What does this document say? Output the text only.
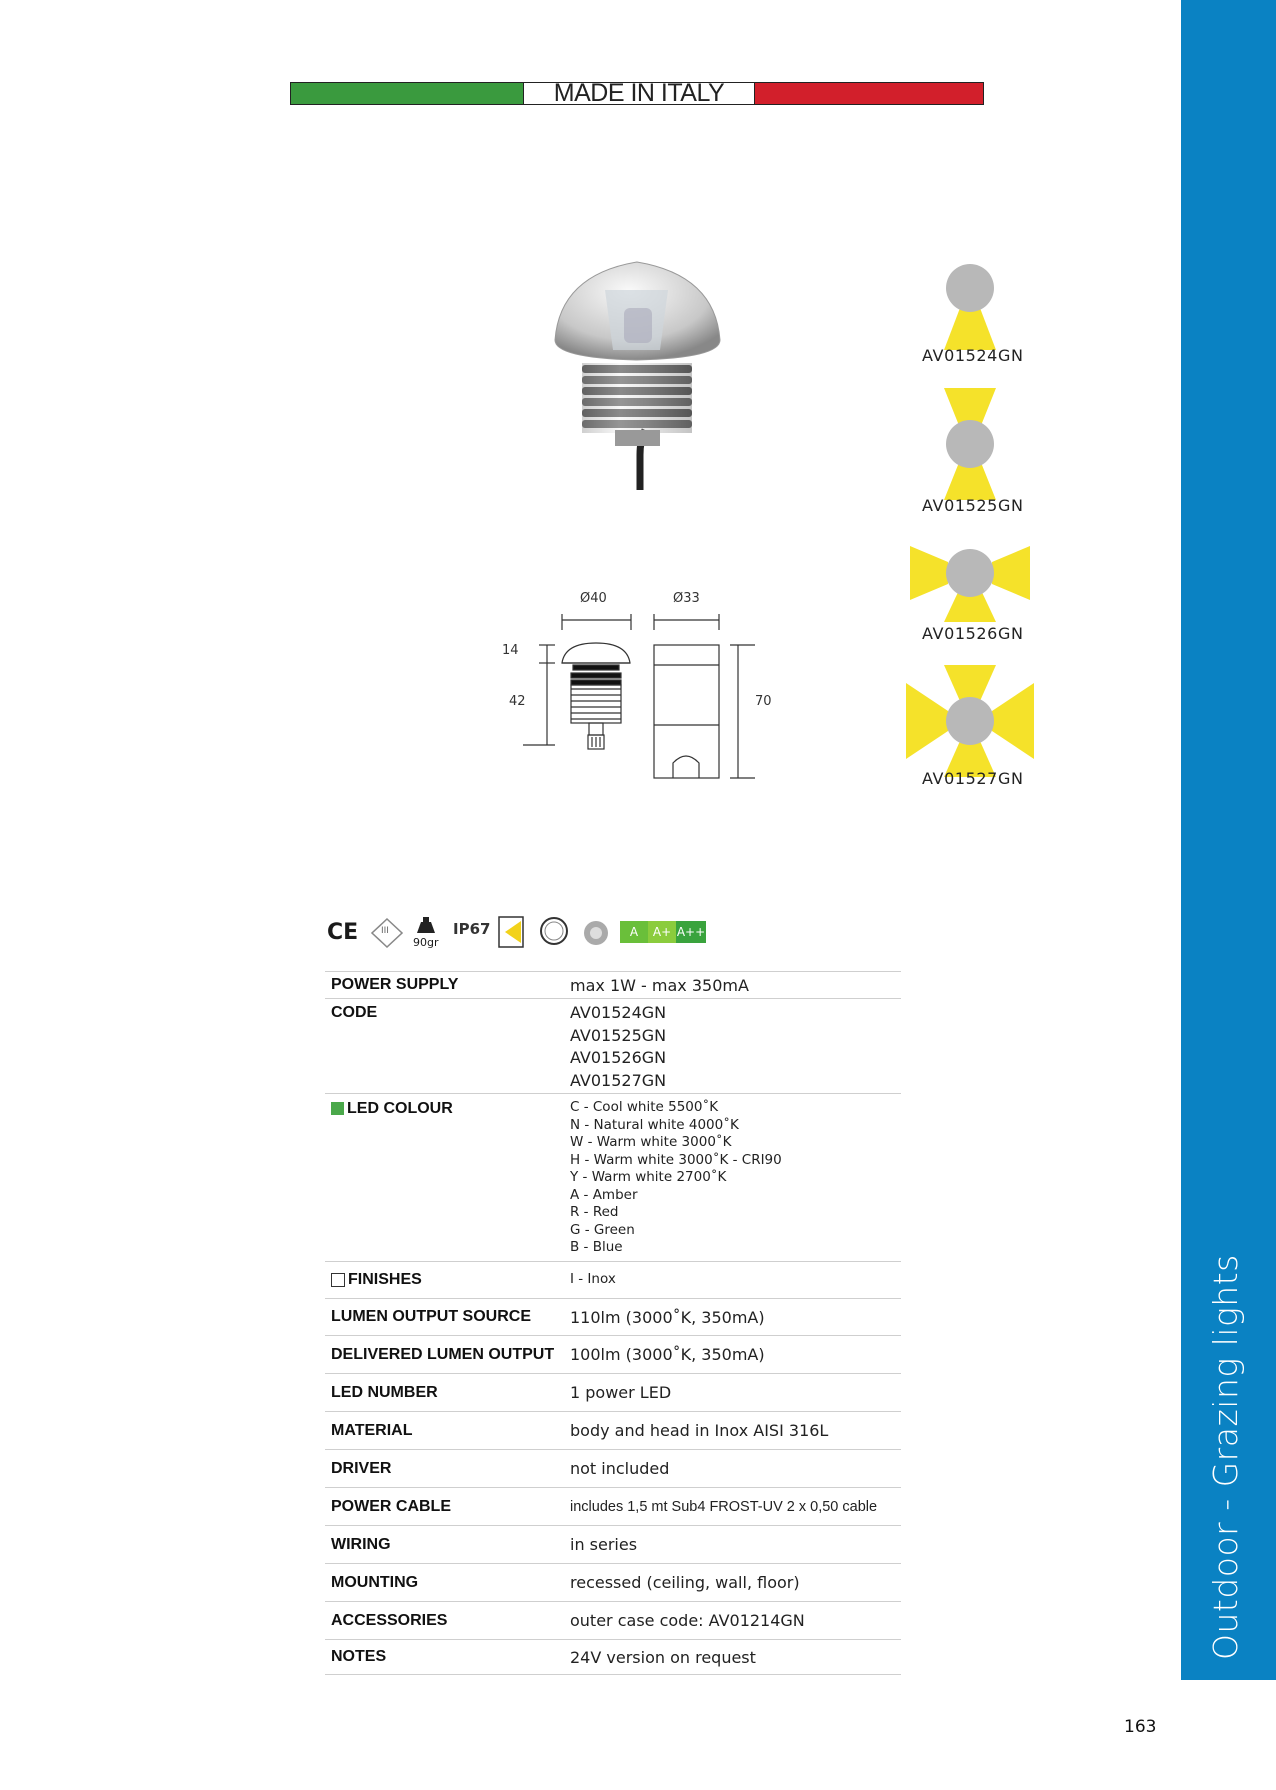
MADE IN ITALY
AV01524GN
AV01525GN
AV01526GN
AV01527GN
Ø40	Ø33
14
42	70
CE	III
90gr
IP67	A	A+ A++
POWER SUPPLY	max 1W - max 350mA
CODE	AV01524GN
AV01525GN
AV01526GN
AV01527GN
LED COLOUR	C - Cool white 5500˚K
N - Natural white 4000˚K
W - Warm white 3000˚K
H - Warm white 3000˚K - CRI90
Y - Warm white 2700˚K
A - Amber
R - Red
G - Green
B - Blue
FINISHES	I - Inox
LUMEN OUTPUT SOURCE	110lm (3000˚K, 350mA)
DELIVERED LUMEN OUTPUT 100lm (3000˚K, 350mA)
LED NUMBER	1 power LED
MATERIAL	body and head in Inox AISI 316L
DRIVER	not included
POWER CABLE	includes 1,5 mt Sub4 FROST-UV 2 x 0,50 cable
WIRING	in series
MOUNTING	recessed (ceiling, wall, floor)
ACCESSORIES	outer case code: AV01214GN
NOTES	24V version on request	Outdoor - Grazing lights
163
